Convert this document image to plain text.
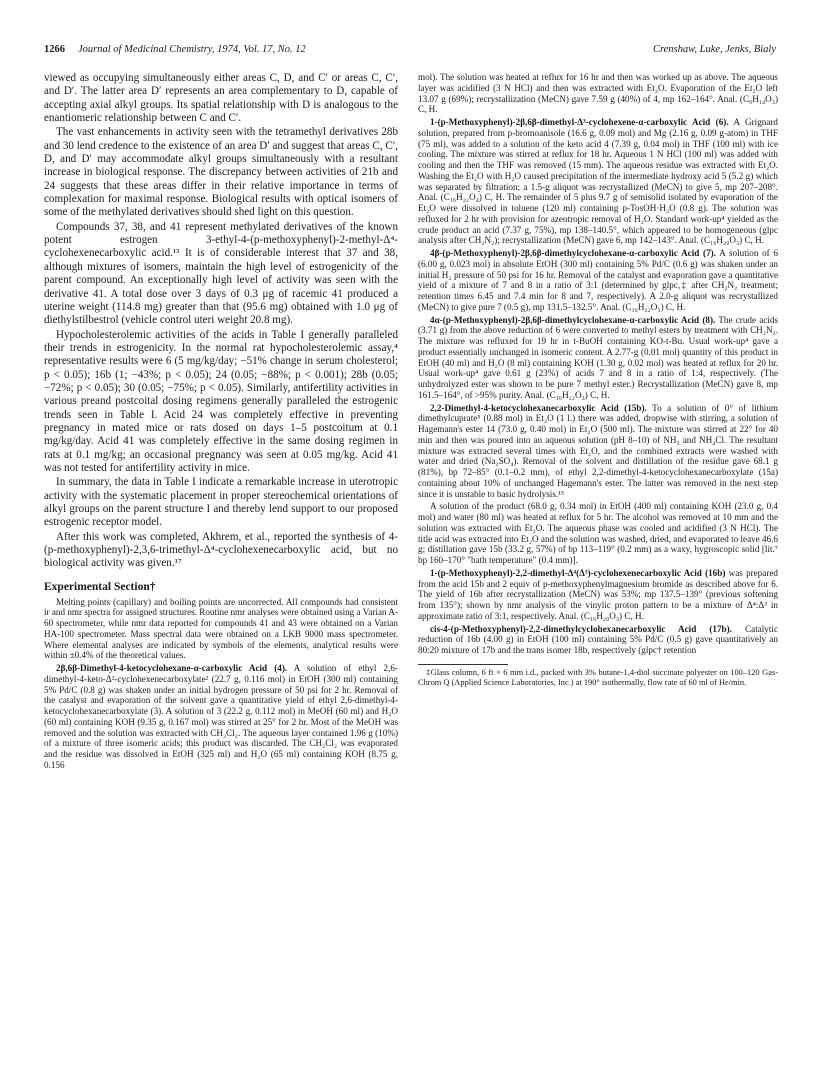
1266 Journal of Medicinal Chemistry, 1974, Vol. 17, No. 12	Crenshaw, Luke, Jenks, Bialy

viewed as occupying simultaneously either areas C, D, and C′ or areas C, C′, and D′. The latter area D′ represents an area complementary to D, capable of accepting axial alkyl groups. Its spatial relationship with D is analogous to the enantiomeric relationship between C and C′.

The vast enhancements in activity seen with the tetramethyl derivatives 28b and 30 lend credence to the existence of an area D′ and suggest that areas C, C′, D, and D′ may accommodate alkyl groups simultaneously with a resultant increase in biological response. The discrepancy between activities of 21b and 24 suggests that these areas differ in their relative importance in terms of complexation for maximal response. Biological results with optical isomers of some of the methylated derivatives should shed light on this question.

Compounds 37, 38, and 41 represent methylated derivatives of the known potent estrogen 3-ethyl-4-(p-methoxyphenyl)-2-methyl-Δ⁴-cyclohexenecarboxylic acid.¹³ It is of considerable interest that 37 and 38, although mixtures of isomers, maintain the high level of estrogenicity of the parent compound. An exceptionally high level of activity was seen with the derivative 41. A total dose over 3 days of 0.3 μg of racemic 41 produced a uterine weight (114.8 mg) greater than that (95.6 mg) obtained with 1.0 μg of diethylstilbestrol (vehicle control uteri weight 20.8 mg).

Hypocholesterolemic activities of the acids in Table I generally paralleled their trends in estrogenicity. In the normal rat hypocholesterolemic assay,⁴ representative results were 6 (5 mg/kg/day; −51% change in serum cholesterol; p < 0.05); 16b (1; −43%; p < 0.05); 24 (0.05; −88%; p < 0.001); 28b (0.05; −72%; p < 0.05); 30 (0.05; −75%; p < 0.05). Similarly, antifertility activities in various preand postcoital dosing regimens generally paralleled the estrogenic trends seen in Table I. Acid 24 was completely effective in preventing pregnancy in mated mice or rats dosed on days 1–5 postcoitum at 0.1 mg/kg/day. Acid 41 was completely effective in the same dosing regimen in rats at 0.1 mg/kg; an occasional pregnancy was seen at 0.05 mg/kg. Acid 41 was not tested for antifertility activity in mice.

In summary, the data in Table I indicate a remarkable increase in uterotropic activity with the systematic placement in proper stereochemical orientations of alkyl groups on the parent structure I and thereby lend support to our proposed estrogenic receptor model.

After this work was completed, Akhrem, et al., reported the synthesis of 4-(p-methoxyphenyl)-2,3,6-trimethyl-Δ⁴-cyclohexenecarboxylic acid, but no biological activity was given.¹⁷

Experimental Section†

Melting points (capillary) and boiling points are uncorrected. All compounds had consistent ir and nmr spectra for assigned structures. Routine nmr analyses were obtained using a Varian A-60 spectrometer, while nmr data reported for compounds 41 and 43 were obtained on a Varian HA-100 spectrometer. Mass spectral data were obtained on a LKB 9000 mass spectrometer. Where elemental analyses are indicated by symbols of the elements, analytical results were within ±0.4% of the theoretical values.

2β,6β-Dimethyl-4-ketocyclohexane-α-carboxylic Acid (4). A solution of ethyl 2,6-dimethyl-4-keto-Δ²-cyclohexenecarboxylate² (22.7 g, 0.116 mol) in EtOH (300 ml) containing 5% Pd/C (0.8 g) was shaken under an initial hydrogen pressure of 50 psi for 2 hr. Removal of the catalyst and evaporation of the solvent gave a quantitative yield of ethyl 2,6-dimethyl-4-ketocyclohexanecarboxylate (3). A solution of 3 (22.2 g, 0.112 mol) in MeOH (60 ml) and H₂O (60 ml) containing KOH (9.35 g, 0.167 mol) was stirred at 25° for 2 hr. Most of the MeOH was removed and the solution was extracted with CH₂Cl₂. The aqueous layer contained 1.96 g (10%) of a mixture of three isomeric acids; this product was discarded. The CH₂Cl₂ was evaporated and the residue was dissolved in EtOH (325 ml) and H₂O (65 ml) containing KOH (8.75 g, 0.156

mol). The solution was heated at reflux for 16 hr and then was worked up as above. The aqueous layer was acidified (3 N HCl) and then was extracted with Et₂O. Evaporation of the Et₂O left 13.07 g (69%); recrystallization (MeCN) gave 7.59 g (40%) of 4, mp 162–164°. Anal. (C₉H₁₄O₃) C, H.

1-(p-Methoxyphenyl)-2β,6β-dimethyl-Δ³-cyclohexene-α-carboxylic Acid (6). A Grignard solution, prepared from p-bromoanisole (16.6 g, 0.09 mol) and Mg (2.16 g, 0.09 g-atom) in THF (75 ml), was added to a solution of the keto acid 4 (7.39 g, 0.04 mol) in THF (100 ml) with ice cooling. The mixture was stirred at reflux for 18 hr. Aqueous 1 N HCl (100 ml) was added with cooling and then the THF was removed (15 mm). The aqueous residue was extracted with Et₂O. Washing the Et₂O with H₂O caused precipitation of the intermediate hydroxy acid 5 (5.2 g) which was separated by filtration; a 1.5-g aliquot was recrystallized (MeCN) to give 5, mp 207–208°. Anal. (C₁₆H₂₂O₄) C, H. The remainder of 5 plus 9.7 g of semisolid isolated by evaporation of the Et₂O were dissolved in toluene (120 ml) containing p-TosOH·H₂O (0.8 g). The solution was refluxed for 2 hr with provision for azeotropic removal of H₂O. Standard work-up⁴ yielded as the crude product an acid (7.37 g, 75%), mp 138–140.5°, which appeared to be homogeneous (glpc analysis after CH₂N₂); recrystallization (MeCN) gave 6, mp 142–143°. Anal. (C₁₆H₂₀O₃) C, H.

4β-(p-Methoxyphenyl)-2β,6β-dimethylcyclohexane-α-carboxylic Acid (7). A solution of 6 (6.00 g, 0.023 mol) in absolute EtOH (300 ml) containing 5% Pd/C (0.6 g) was shaken under an initial H₂ pressure of 50 psi for 16 hr. Removal of the catalyst and evaporation gave a quantitative yield of a mixture of 7 and 8 in a ratio of 3:1 (determined by glpc,‡ after CH₂N₂ treatment; retention times 6.45 and 7.4 min for 8 and 7, respectively). A 2.0-g aliquot was recrystallized (MeCN) to give pure 7 (0.5 g), mp 131.5–132.5°. Anal. (C₁₆H₂₂O₃) C, H.

4α-(p-Methoxyphenyl)-2β,6β-dimethylcyclohexane-α-carboxylic Acid (8). The crude acids (3.71 g) from the above reduction of 6 were converted to methyl esters by treatment with CH₂N₂. The mixture was refluxed for 19 hr in t-BuOH containing KO-t-Bu. Usual work-up⁴ gave a product essentially unchanged in isomeric content. A 2.77-g (0.01 mol) quantity of this product in EtOH (40 ml) and H₂O (8 ml) containing KOH (1.30 g, 0.02 mol) was heated at reflux for 20 hr. Usual work-up⁴ gave 0.61 g (23%) of acids 7 and 8 in a ratio of 1:4, respectively. (The unhydrolyzed ester was shown to be pure 7 methyl ester.) Recrystallization (MeCN) gave 8, mp 161.5–164°, of >95% purity. Anal. (C₁₆H₂₂O₃) C, H.

2,2-Dimethyl-4-ketocyclohexanecarboxylic Acid (15b). To a solution of 0° of lithium dimethylcuprate⁵ (0.88 mol) in Et₂O (1 l.) there was added, dropwise with stirring, a solution of Hagemann's ester 14 (73.0 g, 0.40 mol) in Et₂O (500 ml). The mixture was stirred at 22° for 40 min and then was poured into an aqueous solution (pH 8–10) of NH₃ and NH₄Cl. The resultant mixture was extracted several times with Et₂O, and the combined extracts were washed with water and dried (Na₂SO₄). Removal of the solvent and distillation of the residue gave 68.1 g (81%), bp 72–85° (0.1–0.2 mm), of ethyl 2,2-dimethyl-4-ketocyclohexanecarboxylate (15a) containing about 10% of unchanged Hagemann's ester. The latter was removed in the next step since it is unstable to basic hydrolysis.¹⁵

A solution of the product (68.0 g, 0.34 mol) in EtOH (400 ml) containing KOH (23.0 g, 0.4 mol) and water (80 ml) was heated at reflux for 5 hr. The alcohol was removed at 10 mm and the solution was extracted with Et₂O. The aqueous phase was cooled and acidified (3 N HCl). The title acid was extracted into Et₂O and the solution was washed, dried, and evaporated to leave 46.6 g; distillation gave 15b (33.2 g, 57%) of bp 113–119° (0.2 mm) as a waxy, hygroscopic solid [lit.⁷ bp 160–170° "bath temperature" (0.4 mm)].

1-(p-Methoxyphenyl)-2,2-dimethyl-Δ⁴(Δ³)-cyclohexenecarboxylic Acid (16b) was prepared from the acid 15b and 2 equiv of p-methoxyphenylmagnesium bromide as described above for 6. The yield of 16b after recrystallization (MeCN) was 53%; mp 137.5–139° (previous softening from 135°); shown by nmr analysis of the vinylic proton pattern to be a mixture of Δ⁴:Δ³ in approximate ratio of 3:1, respectively. Anal. (C₁₆H₂₀O₃) C, H.

cis-4-(p-Methoxyphenyl)-2,2-dimethylcyclohexanecarboxylic Acid (17b). Catalytic reduction of 16b (4.00 g) in EtOH (100 ml) containing 5% Pd/C (0.5 g) gave quantitatively an 80:20 mixture of 17b and the trans isomer 18b, respectively (glpc† retention

‡Glass column, 6 ft × 6 mm i.d., packed with 3% butane-1,4-diol succinate polyester on 100–120 Gas-Chrom Q (Applied Science Laboratories, Inc.) at 190° isothermally, flow rate of 60 ml of He/min.
